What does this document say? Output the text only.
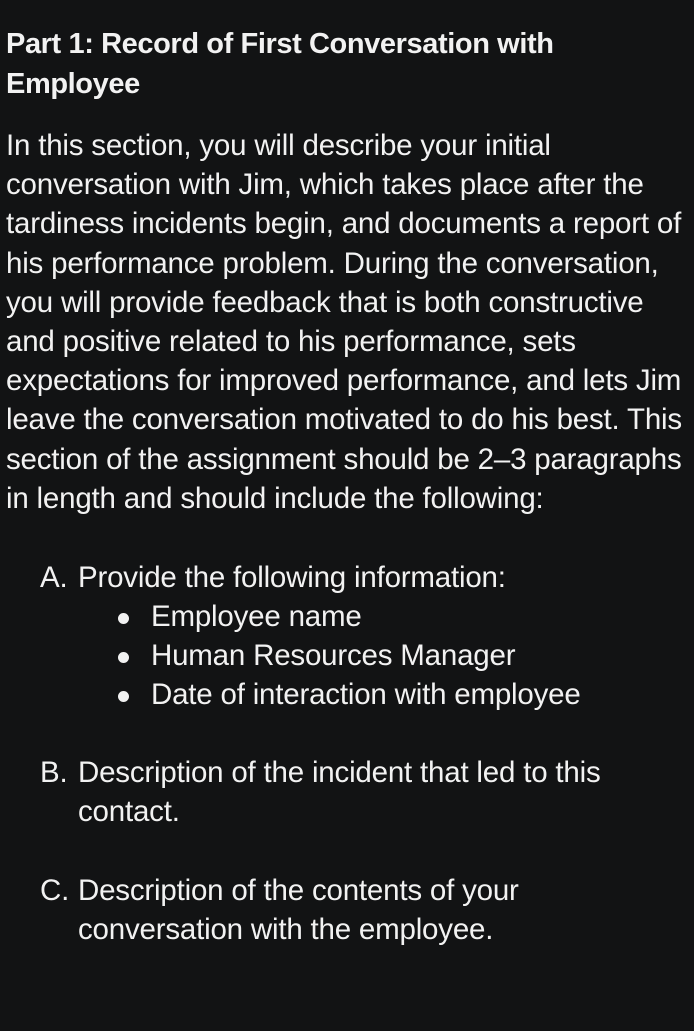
Part 1: Record of First Conversation with Employee

In this section, you will describe your initial conversation with Jim, which takes place after the tardiness incidents begin, and documents a report of his performance problem. During the conversation, you will provide feedback that is both constructive and positive related to his performance, sets expectations for improved performance, and lets Jim leave the conversation motivated to do his best. This section of the assignment should be 2–3 paragraphs in length and should include the following:

A. Provide the following information:
Employee name
Human Resources Manager
Date of interaction with employee
B. Description of the incident that led to this contact.
C. Description of the contents of your conversation with the employee.
